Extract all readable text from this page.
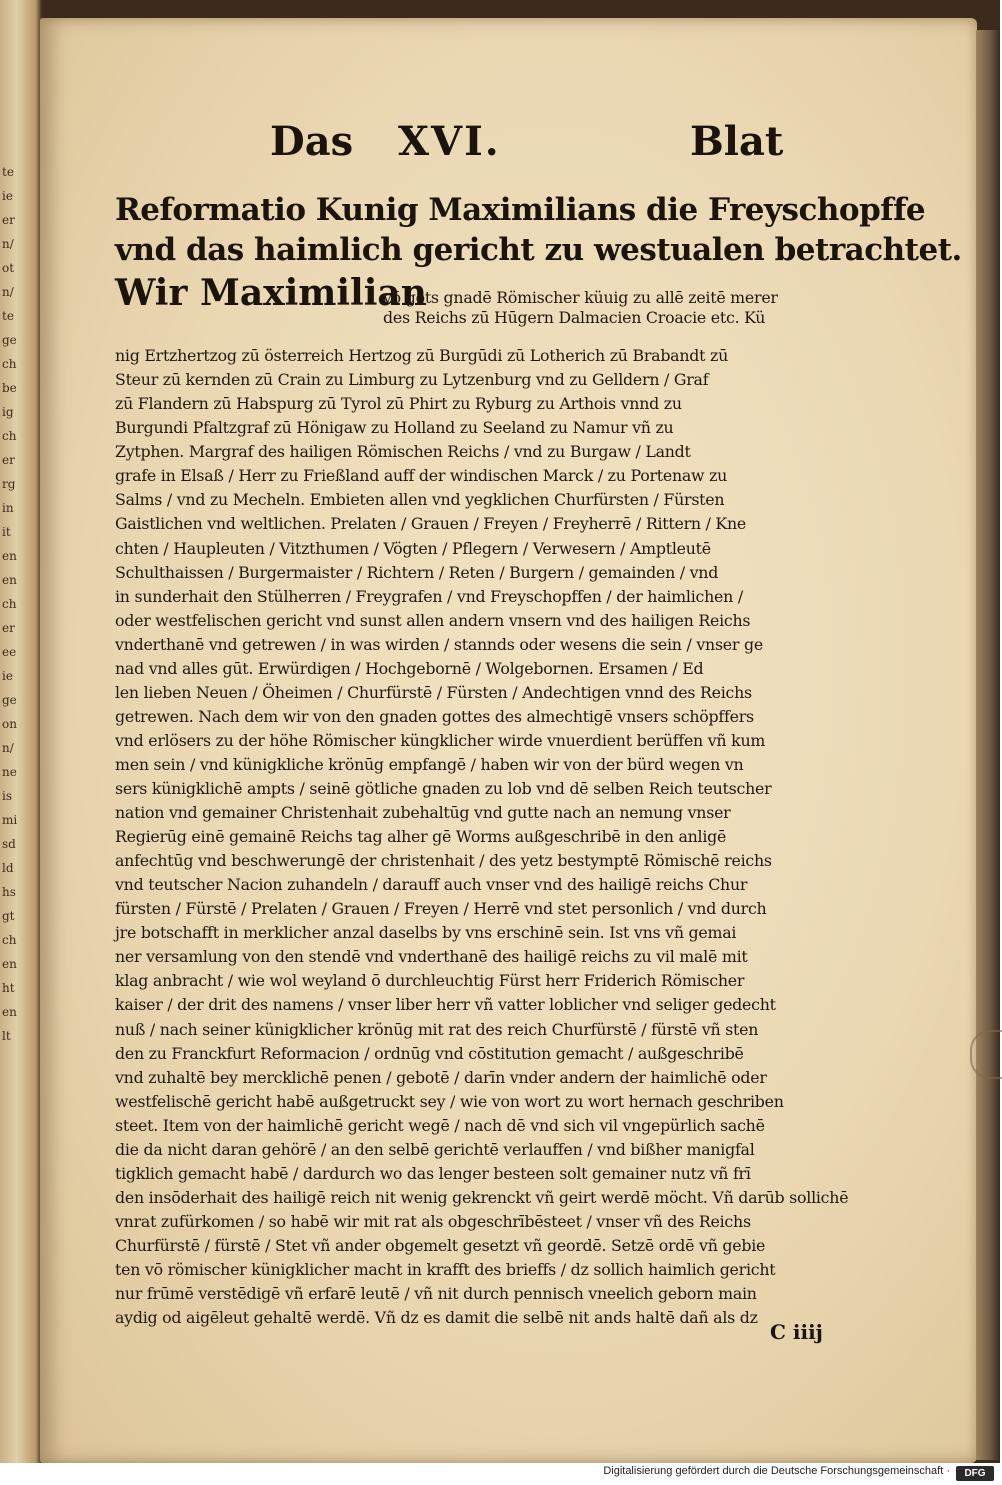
Das XVI.	Blat
Reformatio Kunig Maximilians die Freyschopffe
vnd das haimlich gericht zu westualen betrachtet.
Wir Maximilian
vō gots gnadē Römischer küuig zu allē zeitē merer
des Reichs zū Hūgern Dalmacien Croacie etc. Kü
nig Ertzhertzog zū österreich Hertzog zū Burgūdi zū Lotherich zū Brabandt zū
Steur zū kernden zū Crain zu Limburg zu Lytzenburg vnd zu Gelldern / Graf
zū Flandern zū Habspurg zū Tyrol zū Phirt zu Ryburg zu Arthois vnnd zu
Burgundi Pfaltzgraf zū Hönigaw zu Holland zu Seeland zu Namur vñ zu
Zytphen. Margraf des hailigen Römischen Reichs / vnd zu Burgaw / Landt
grafe in Elsaß / Herr zu Frießland auff der windischen Marck / zu Portenaw zu
Salms / vnd zu Mecheln. Embieten allen vnd yegklichen Churfürsten / Fürsten
Gaistlichen vnd weltlichen. Prelaten / Grauen / Freyen / Freyherrē / Rittern / Kne
chten / Haupleuten / Vitzthumen / Vögten / Pflegern / Verwesern / Amptleutē
Schulthaissen / Burgermaister / Richtern / Reten / Burgern / gemainden / vnd
in sunderhait den Stülherren / Freygrafen / vnd Freyschopffen / der haimlichen /
oder westfelischen gericht vnd sunst allen andern vnsern vnd des hailigen Reichs
vnderthanē vnd getrewen / in was wirden / stannds oder wesens die sein / vnser ge
nad vnd alles gūt. Erwürdigen / Hochgebornē / Wolgebornen. Ersamen / Ed
len lieben Neuen / Öheimen / Churfürstē / Fürsten / Andechtigen vnnd des Reichs
getrewen. Nach dem wir von den gnaden gottes des almechtigē vnsers schöpffers
vnd erlösers zu der höhe Römischer küngklicher wirde vnuerdient berüffen vñ kum
men sein / vnd künigkliche krönūg empfangē / haben wir von der bürd wegen vn
sers künigklichē ampts / seinē götliche gnaden zu lob vnd dē selben Reich teutscher
nation vnd gemainer Christenhait zubehaltūg vnd gutte nach an nemung vnser
Regierūg einē gemainē Reichs tag alher gē Worms außgeschribē in den anligē
anfechtūg vnd beschwerungē der christenhait / des yetz bestymptē Römischē reichs
vnd teutscher Nacion zuhandeln / darauff auch vnser vnd des hailigē reichs Chur
fürsten / Fürstē / Prelaten / Grauen / Freyen / Herrē vnd stet personlich / vnd durch
jre botschafft in merklicher anzal daselbs by vns erschinē sein. Ist vns vñ gemai
ner versamlung von den stendē vnd vnderthanē des hailigē reichs zu vil malē mit
klag anbracht / wie wol weyland ō durchleuchtig Fürst herr Friderich Römischer
kaiser / der drit des namens / vnser liber herr vñ vatter loblicher vnd seliger gedecht
nuß / nach seiner künigklicher krönūg mit rat des reich Churfürstē / fürstē vñ sten
den zu Franckfurt Reformacion / ordnūg vnd cōstitution gemacht / außgeschribē
vnd zuhaltē bey mercklichē penen / gebotē / darīn vnder andern der haimlichē oder
westfelischē gericht habē außgetruckt sey / wie von wort zu wort hernach geschriben
steet. Item von der haimlichē gericht wegē / nach dē vnd sich vil vngepürlich sachē
die da nicht daran gehörē / an den selbē gerichtē verlauffen / vnd bißher manigfal
tigklich gemacht habē / dardurch wo das lenger besteen solt gemainer nutz vñ frī
den insōderhait des hailigē reich nit wenig gekrenckt vñ geirt werdē möcht. Vñ darūb sollichē
vnrat zufürkomen / so habē wir mit rat als obgeschrībēsteet / vnser vñ des Reichs
Churfürstē / fürstē / Stet vñ ander obgemelt gesetzt vñ geordē. Setzē ordē vñ gebie
ten vō römischer künigklicher macht in krafft des brieffs / dz sollich haimlich gericht
nur frūmē verstēdigē vñ erfarē leutē / vñ nit durch pennisch vneelich geborn main
aydig od aigēleut gehaltē werdē. Vñ dz es damit die selbē nit ands haltē dañ als dz
te
ie
er
n/
ot
n/
te
ge
ch
be
ig
ch
er
rg
in
it
en
en
ch
er
ee
ie
ge
on
n/
ne
is
mi
sd
ld
hs
gt
ch
en
ht
en
lt
C iiij
Digitalisierung gefördert durch die Deutsche Forschungsgemeinschaft ·	DFG
